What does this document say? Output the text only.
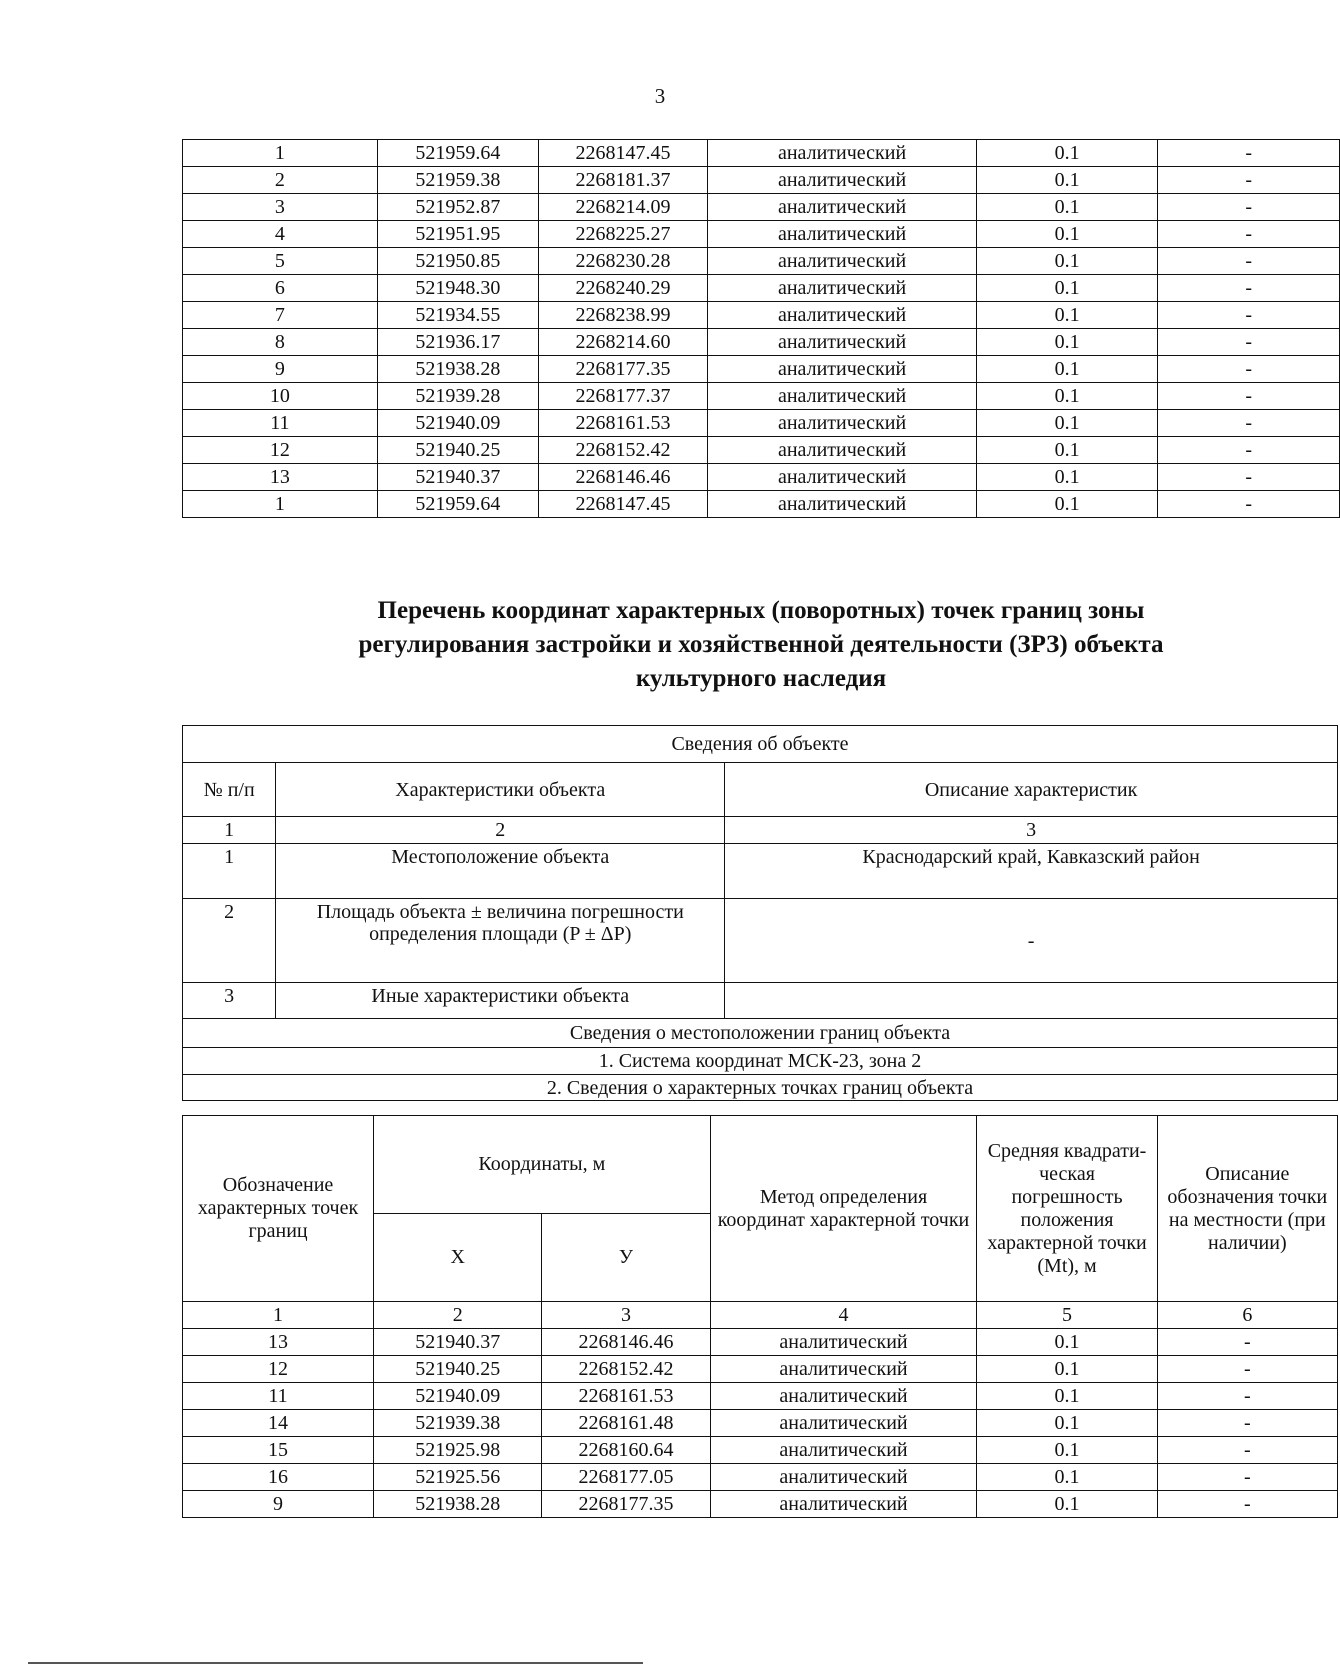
3
1	521959.64	2268147.45	аналитический	0.1	-
2	521959.38	2268181.37	аналитический	0.1	-
3	521952.87	2268214.09	аналитический	0.1	-
4	521951.95	2268225.27	аналитический	0.1	-
5	521950.85	2268230.28	аналитический	0.1	-
6	521948.30	2268240.29	аналитический	0.1	-
7	521934.55	2268238.99	аналитический	0.1	-
8	521936.17	2268214.60	аналитический	0.1	-
9	521938.28	2268177.35	аналитический	0.1	-
10	521939.28	2268177.37	аналитический	0.1	-
11	521940.09	2268161.53	аналитический	0.1	-
12	521940.25	2268152.42	аналитический	0.1	-
13	521940.37	2268146.46	аналитический	0.1	-
1	521959.64	2268147.45	аналитический	0.1	-
Перечень координат характерных (поворотных) точек границ зоны
регулирования застройки и хозяйственной деятельности (ЗРЗ) объекта
культурного наследия
Сведения об объекте		
№ п/п	Характеристики объекта	Описание характеристик
1	2	3
1	Местоположение объекта	Краснодарский край, Кавказский район
2	Площадь объекта ± величина погрешности определения площади (P ± ΔP)	-
3	Иные характеристики объекта	
Сведения о местоположении границ объекта		
1. Система координат МСК-23, зона 2		
2. Сведения о характерных точках границ объекта		
Обозначение характерных точек границ	Координаты, м		Метод определения координат характерной точки	Средняя квадрати-ческая погрешность положения характерной точки (Mt), м	Описание обозначения точки на местности (при наличии)
	X	У			
1	2	3	4	5	6
13	521940.37	2268146.46	аналитический	0.1	-
12	521940.25	2268152.42	аналитический	0.1	-
11	521940.09	2268161.53	аналитический	0.1	-
14	521939.38	2268161.48	аналитический	0.1	-
15	521925.98	2268160.64	аналитический	0.1	-
16	521925.56	2268177.05	аналитический	0.1	-
9	521938.28	2268177.35	аналитический	0.1	-
